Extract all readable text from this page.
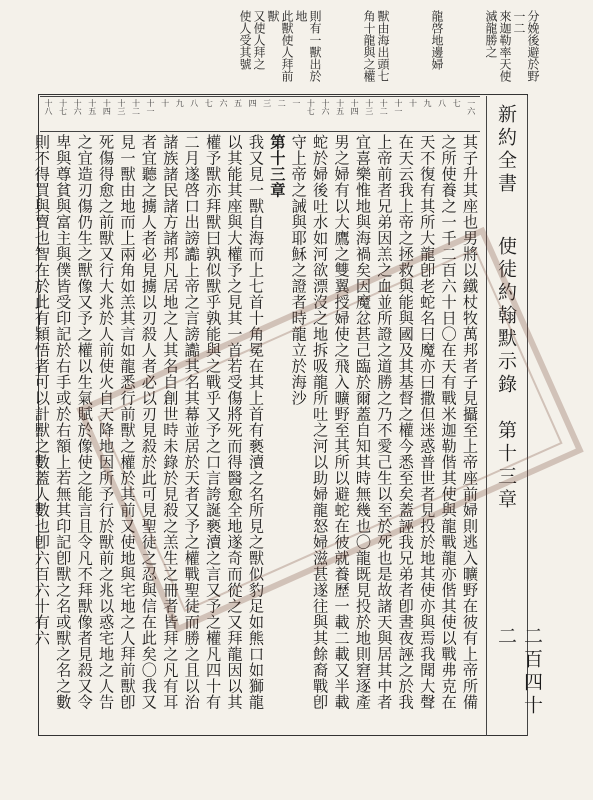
分娩後避於野
一二
來迦勒率天使滅龍勝之
龍啓地邊婦
獸由海出頭七角十龍與之權
則有一獸出於地
此獸使人拜前獸
又使人拜之
使人受其號
一六
七
八
九
十
十一
十二
十三
十四
十五
十六
十七
一
二
三
四
五
六
七
八
九
十
十一
十二
十三
十四
十五
十六
十七
十八	新約全書
使徒約翰默示錄　第十三章
二百四十二

其子升其座也男將以鐵杖牧萬邦者子見攝至上帝座前婦則逃入曠野在彼有上帝所備之所使養之一千二百六十日〇在天有戰米迦勒偕其使與龍戰龍亦偕其使以戰弗克在天不復有其所大龍卽老蛇名曰魔亦曰撒但迷惑普世者見投於地其使亦與焉我聞大聲在天云我上帝之拯救與能與國及其基督之權今悉至矣蓋誣我兄弟者卽晝夜誣之於我上帝前者兄弟因羔之血並所證之道勝之乃不愛己生以至於死也是故諸天與居其中者宜喜樂惟地與海禍矣因魔忿甚己臨於爾蓋自知其時無幾也〇龍既見投於地則窘逐產男之婦有以大鷹之雙翼授婦使之飛入曠野至其所以避蛇在彼就養歷一載二載又半載蛇於婦後吐水如河欲漂沒之地拆吸龍所吐之河以助婦龍怒婦滋甚遂往與其餘裔戰卽守上帝之誡與耶穌之證者時龍立於海沙

第十三章

我又見一獸自海而上七首十角冕在其上首有褻瀆之名所見之獸似豹足如熊口如獅龍以其能其座與大權予之見其一首若受傷將死而得醫愈全地遂奇而從之又拜龍因以其權予獸亦拜獸曰孰似獸乎孰能與之戰乎又予之口言誇誕褻瀆之言又予之權凡四十有二月遂啓口出謗讟上帝之言謗讟其名其幕並居於天者又予之權戰聖徒而勝之且以治諸族諸民諸方諸邦凡居地之人其名自創世時未錄於見殺之羔生之冊者皆拜之凡有耳者宜聽之擄人者必見擄以刃殺人者必以刃見殺於此可見聖徒之忍與信在此矣〇我又見一獸由地而上兩角如羔其言如龍悉行前獸之權於其前又使地與宅地之人拜前獸卽死傷得愈之前獸又行大兆於人前使火自天降地因所予行於獸前之兆以惑宅地之人告之宜造刃傷仍生之獸像又予之權以生氣賦於像使之能言且令凡不拜獸像者見殺又令卑與尊貧與富主與僕皆受印記於右手或於右額上若無其印記卽獸之名或獸之名之數則不得買與賣也智在於此有穎悟者可以計獸之數蓋人數也卽六百六十有六
